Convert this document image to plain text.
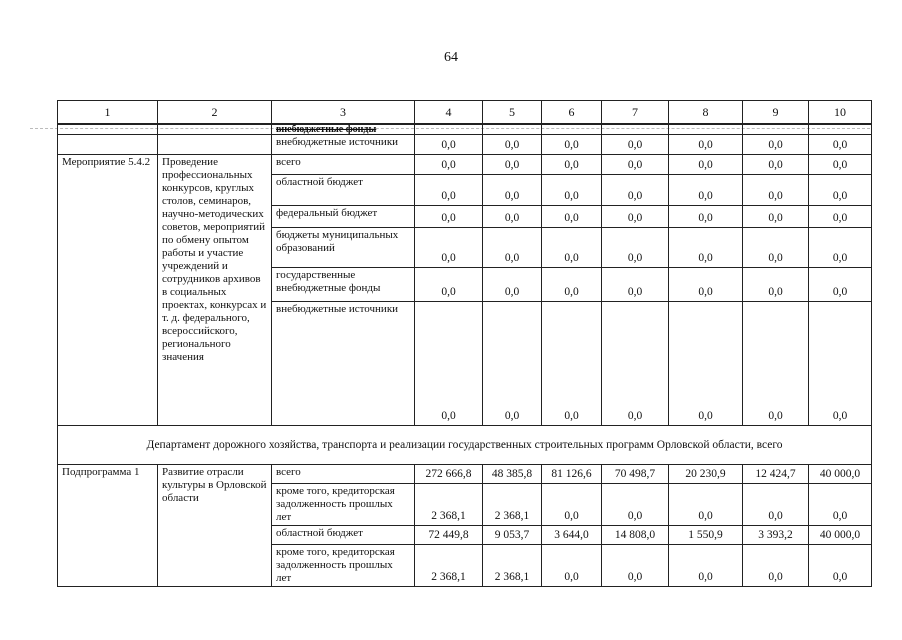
64
1	2	3	4	5	6	7	8	9	10
		внебюджетные фонды							
		внебюджетные источники	0,0	0,0	0,0	0,0	0,0	0,0	0,0
Мероприятие 5.4.2	Проведение профессиональных конкурсов, круглых столов, семинаров, научно-методических советов, мероприятий по обмену опытом работы и участие учреждений и сотрудников архивов в социальных проектах, конкурсах и т. д. федерального, всероссийского, регионального значения	всего	0,0	0,0	0,0	0,0	0,0	0,0	0,0
		областной бюджет	0,0	0,0	0,0	0,0	0,0	0,0	0,0
		федеральный бюджет	0,0	0,0	0,0	0,0	0,0	0,0	0,0
		бюджеты муниципальных образований	0,0	0,0	0,0	0,0	0,0	0,0	0,0
		государственные внебюджетные фонды	0,0	0,0	0,0	0,0	0,0	0,0	0,0
		внебюджетные источники	0,0	0,0	0,0	0,0	0,0	0,0	0,0
Департамент дорожного хозяйства, транспорта и реализации государственных строительных программ Орловской области, всего									
Подпрограмма 1	Развитие отрасли культуры в Орловской области	всего	272 666,8	48 385,8	81 126,6	70 498,7	20 230,9	12 424,7	40 000,0
		кроме того, кредиторская задолженность прошлых лет	2 368,1	2 368,1	0,0	0,0	0,0	0,0	0,0
		областной бюджет	72 449,8	9 053,7	3 644,0	14 808,0	1 550,9	3 393,2	40 000,0
		кроме того, кредиторская задолженность прошлых лет	2 368,1	2 368,1	0,0	0,0	0,0	0,0	0,0
